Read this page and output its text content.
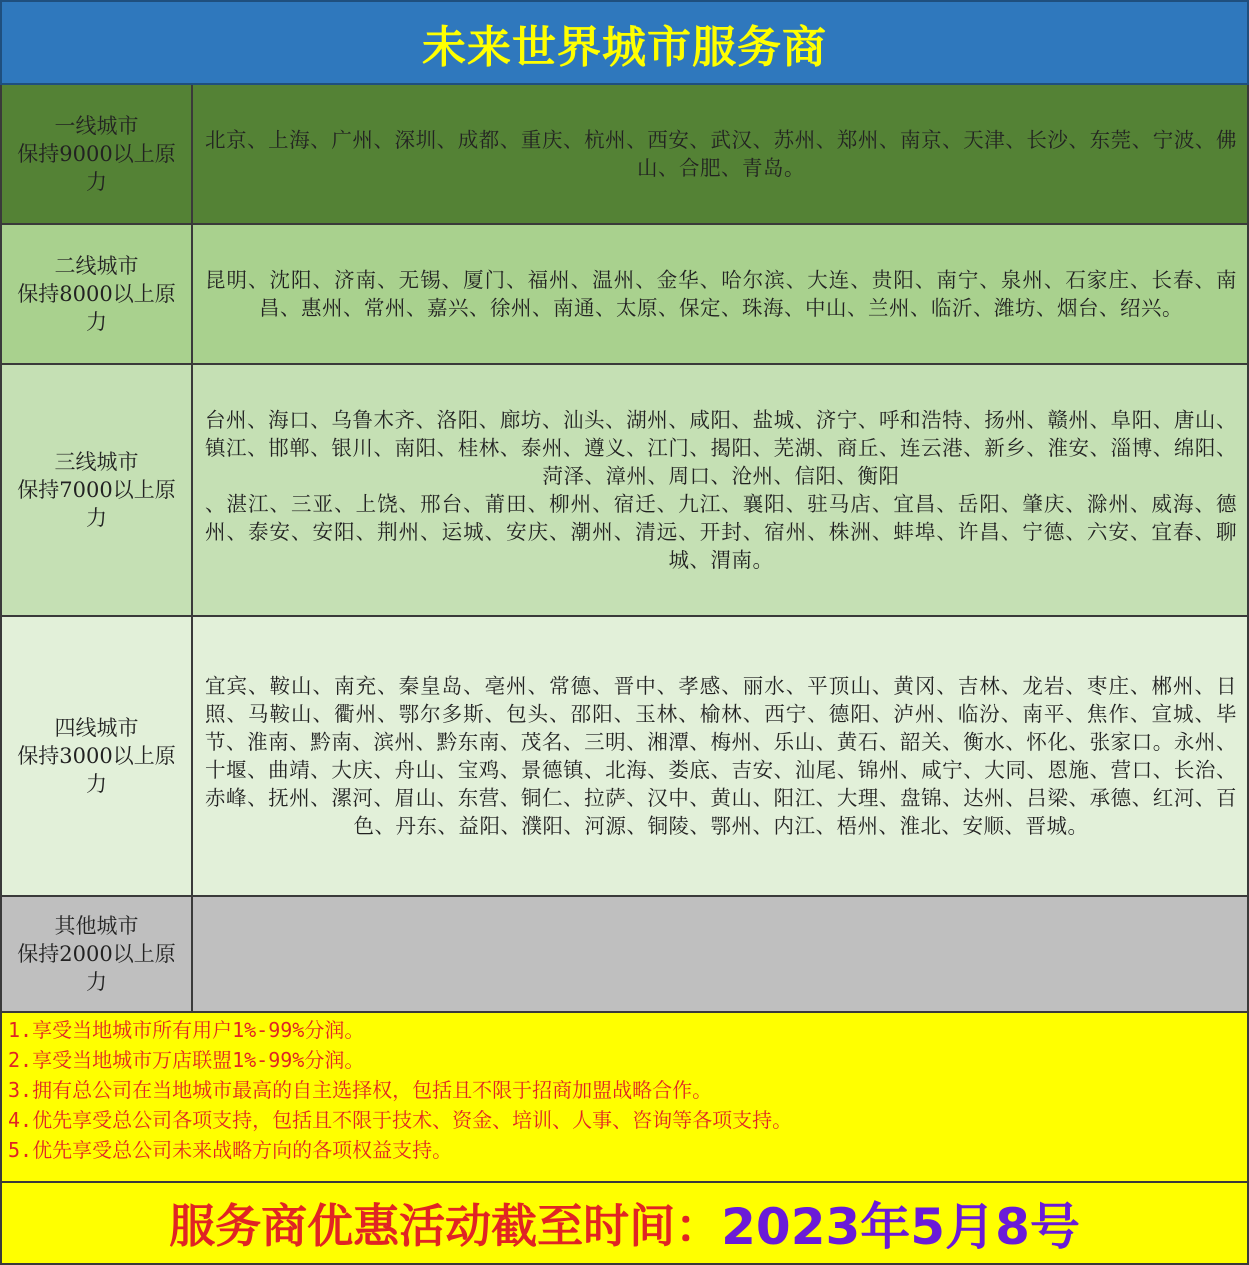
未来世界城市服务商
一线城市
保持9000以上原力

北京、上海、广州、深圳、成都、重庆、杭州、西安、武汉、苏州、郑州、南京、天津、长沙、东莞、宁波、佛山、合肥、青岛。

二线城市
保持8000以上原力

昆明、沈阳、济南、无锡、厦门、福州、温州、金华、哈尔滨、大连、贵阳、南宁、泉州、石家庄、长春、南昌、惠州、常州、嘉兴、徐州、南通、太原、保定、珠海、中山、兰州、临沂、潍坊、烟台、绍兴。

三线城市
保持7000以上原力

台州、海口、乌鲁木齐、洛阳、廊坊、汕头、湖州、咸阳、盐城、济宁、呼和浩特、扬州、赣州、阜阳、唐山、镇江、邯郸、银川、南阳、桂林、泰州、遵义、江门、揭阳、芜湖、商丘、连云港、新乡、淮安、淄博、绵阳、菏泽、漳州、周口、沧州、信阳、衡阳

、湛江、三亚、上饶、邢台、莆田、柳州、宿迁、九江、襄阳、驻马店、宜昌、岳阳、肇庆、滁州、威海、德州、泰安、安阳、荆州、运城、安庆、潮州、清远、开封、宿州、株洲、蚌埠、许昌、宁德、六安、宜春、聊城、渭南。

四线城市
保持3000以上原力

宜宾、鞍山、南充、秦皇岛、亳州、常德、晋中、孝感、丽水、平顶山、黄冈、吉林、龙岩、枣庄、郴州、日照、马鞍山、衢州、鄂尔多斯、包头、邵阳、玉林、榆林、西宁、德阳、泸州、临汾、南平、焦作、宣城、毕节、淮南、黔南、滨州、黔东南、茂名、三明、湘潭、梅州、乐山、黄石、韶关、衡水、怀化、张家口。永州、十堰、曲靖、大庆、舟山、宝鸡、景德镇、北海、娄底、吉安、汕尾、锦州、咸宁、大同、恩施、营口、长治、赤峰、抚州、漯河、眉山、东营、铜仁、拉萨、汉中、黄山、阳江、大理、盘锦、达州、吕梁、承德、红河、百色、丹东、益阳、濮阳、河源、铜陵、鄂州、内江、梧州、淮北、安顺、晋城。

其他城市
保持2000以上原力

1.享受当地城市所有用户1%-99%分润。
2.享受当地城市万店联盟1%-99%分润。
3.拥有总公司在当地城市最高的自主选择权，包括且不限于招商加盟战略合作。
4.优先享受总公司各项支持，包括且不限于技术、资金、培训、人事、咨询等各项支持。
5.优先享受总公司未来战略方向的各项权益支持。
服务商优惠活动截至时间： 2023年5月8号
